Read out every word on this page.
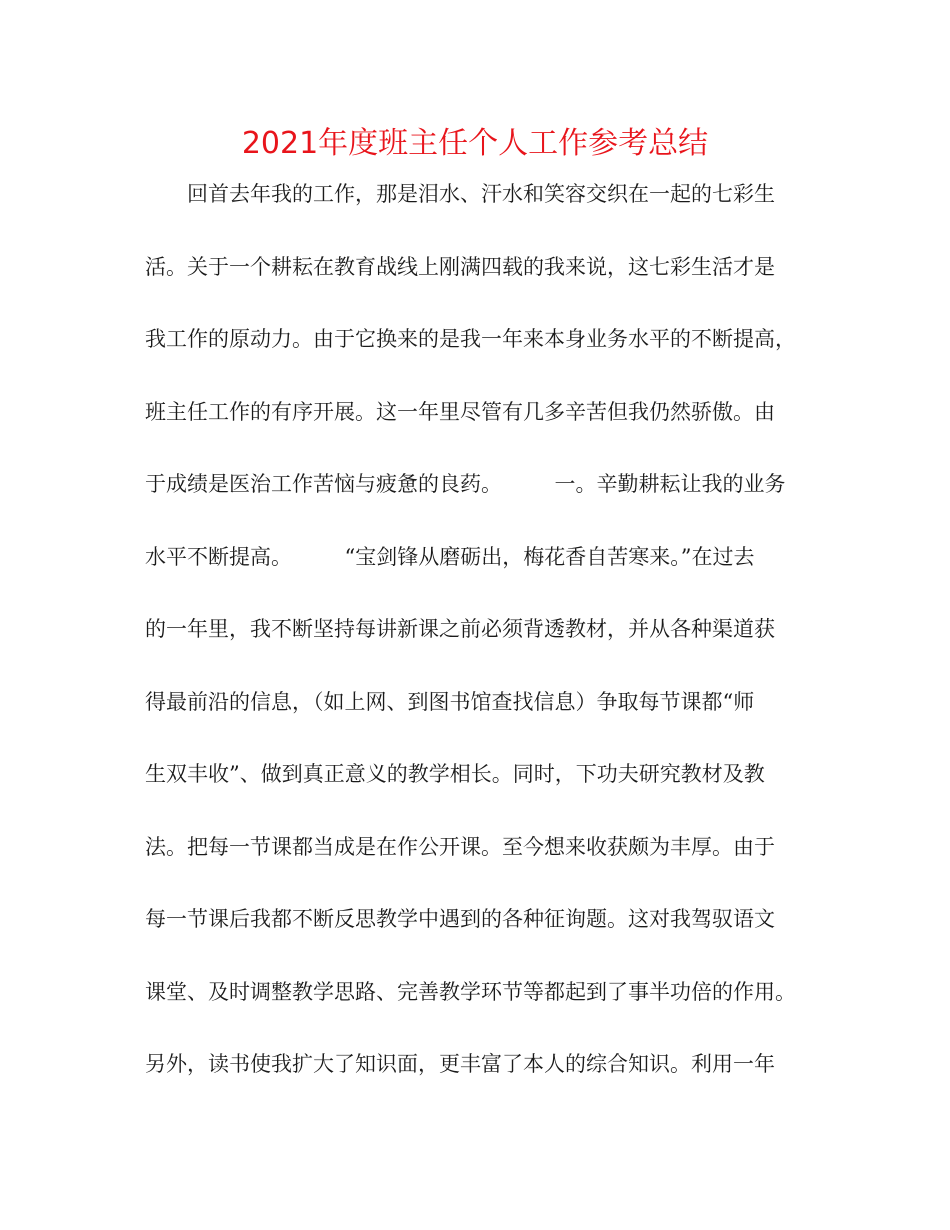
2021年度班主任个人工作参考总结
　　回首去年我的工作，那是泪水、汗水和笑容交织在一起的七彩生
活。关于一个耕耘在教育战线上刚满四载的我来说，这七彩生活才是
我工作的原动力。由于它换来的是我一年来本身业务水平的不断提高，
班主任工作的有序开展。这一年里尽管有几多辛苦但我仍然骄傲。由
于成绩是医治工作苦恼与疲惫的良药。　　　一。辛勤耕耘让我的业务
水平不断提高。　　　“宝剑锋从磨砺出，梅花香自苦寒来。”在过去
的一年里，我不断坚持每讲新课之前必须背透教材，并从各种渠道获
得最前沿的信息，（如上网、到图书馆查找信息）争取每节课都“师
生双丰收”、做到真正意义的教学相长。同时，下功夫研究教材及教
法。把每一节课都当成是在作公开课。至今想来收获颇为丰厚。由于
每一节课后我都不断反思教学中遇到的各种征询题。这对我驾驭语文
课堂、及时调整教学思路、完善教学环节等都起到了事半功倍的作用。
另外，读书使我扩大了知识面，更丰富了本人的综合知识。利用一年
